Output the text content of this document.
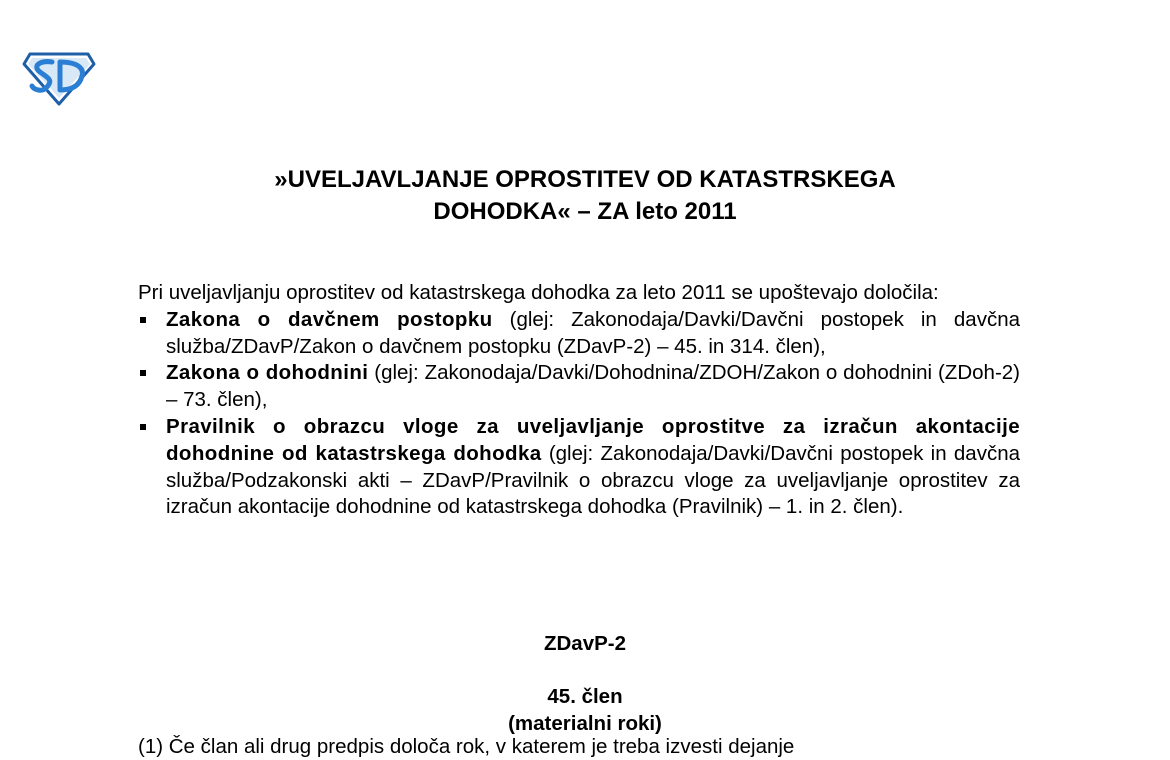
»UVELJAVLJANJE OPROSTITEV OD KATASTRSKEGA
DOHODKA« – ZA leto 2011

Pri uveljavljanju oprostitev od katastrskega dohodka za leto 2011 se upoštevajo določila:

Zakona o davčnem postopku (glej: Zakonodaja/Davki/Davčni postopek in davčna služba/ZDavP/Zakon o davčnem postopku (ZDavP-2) – 45. in 314. člen),
Zakona o dohodnini (glej: Zakonodaja/Davki/Dohodnina/ZDOH/Zakon o dohodnini (ZDoh-2) – 73. člen),
Pravilnik o obrazcu vloge za uveljavljanje oprostitve za izračun akontacije dohodnine od katastrskega dohodka (glej: Zakonodaja/Davki/Davčni postopek in davčna služba/Podzakonski akti – ZDavP/Pravilnik o obrazcu vloge za uveljavljanje oprostitev za izračun akontacije dohodnine od katastrskega dohodka (Pravilnik) – 1. in 2. člen).
ZDavP-2
45. člen
(materialni roki)
(1) Če član ali drug predpis določa rok, v katerem je treba izvesti dejanje
